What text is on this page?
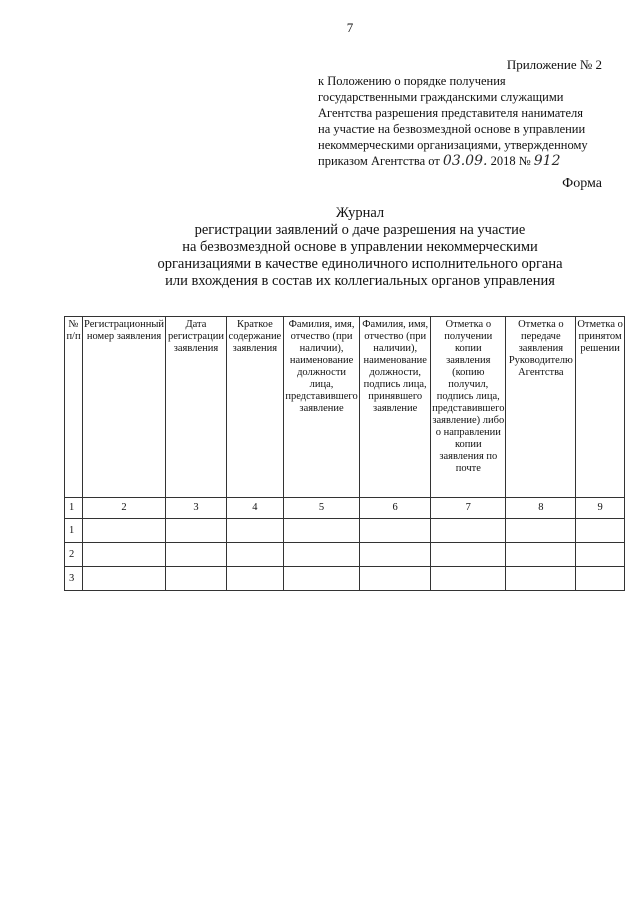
7
Приложение № 2
к Положению о порядке получения
государственными гражданскими служащими
Агентства разрешения представителя нанимателя
на участие на безвозмездной основе в управлении
некоммерческими организациями, утвержденному
приказом Агентства от 03.09. 2018 № 912
Форма
Журнал
регистрации заявлений о даче разрешения на участие
на безвозмездной основе в управлении некоммерческими
организациями в качестве единоличного исполнительного органа
или вхождения в состав их коллегиальных органов управления
№ п/п	Регистрационный номер заявления	Дата регистрации заявления	Краткое содержание заявления	Фамилия, имя, отчество (при наличии), наименование должности лица, представившего заявление	Фамилия, имя, отчество (при наличии), наименование должности, подпись лица, принявшего заявление	Отметка о получении копии заявления (копию получил, подпись лица, представившего заявление) либо о направлении копии заявления по почте	Отметка о передаче заявления Руководителю Агентства	Отметка о принятом решении
1	2	3	4	5	6	7	8	9
1								
2								
3								
